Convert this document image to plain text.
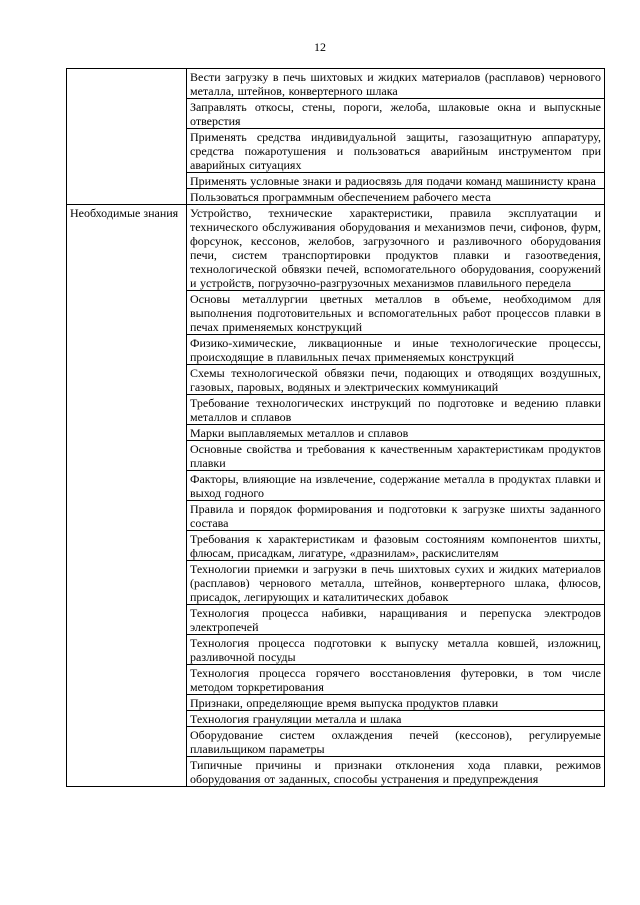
12
	Вести загрузку в печь шихтовых и жидких материалов (расплавов) чернового металла, штейнов, конвертерного шлака
	Заправлять откосы, стены, пороги, желоба, шлаковые окна и выпускные отверстия
	Применять средства индивидуальной защиты, газозащитную аппаратуру, средства пожаротушения и пользоваться аварийным инструментом при аварийных ситуациях
	Применять условные знаки и радиосвязь для подачи команд машинисту крана
	Пользоваться программным обеспечением рабочего места
Необходимые знания	Устройство, технические характеристики, правила эксплуатации и технического обслуживания оборудования и механизмов печи, сифонов, фурм, форсунок, кессонов, желобов, загрузочного и разливочного оборудования печи, систем транспортировки продуктов плавки и газоотведения, технологической обвязки печей, вспомогательного оборудования, сооружений и устройств, погрузочно-разгрузочных механизмов плавильного передела
	Основы металлургии цветных металлов в объеме, необходимом для выполнения подготовительных и вспомогательных работ процессов плавки в печах применяемых конструкций
	Физико-химические, ликвационные и иные технологические процессы, происходящие в плавильных печах применяемых конструкций
	Схемы технологической обвязки печи, подающих и отводящих воздушных, газовых, паровых, водяных и электрических коммуникаций
	Требование технологических инструкций по подготовке и ведению плавки металлов и сплавов
	Марки выплавляемых металлов и сплавов
	Основные свойства и требования к качественным характеристикам продуктов плавки
	Факторы, влияющие на извлечение, содержание металла в продуктах плавки и выход годного
	Правила и порядок формирования и подготовки к загрузке шихты заданного состава
	Требования к характеристикам и фазовым состояниям компонентов шихты, флюсам, присадкам, лигатуре, «дразнилам», раскислителям
	Технологии приемки и загрузки в печь шихтовых сухих и жидких материалов (расплавов) чернового металла, штейнов, конвертерного шлака, флюсов, присадок, легирующих и каталитических добавок
	Технология процесса набивки, наращивания и перепуска электродов электропечей
	Технология процесса подготовки к выпуску металла ковшей, изложниц, разливочной посуды
	Технология процесса горячего восстановления футеровки, в том числе методом торкретирования
	Признаки, определяющие время выпуска продуктов плавки
	Технология грануляции металла и шлака
	Оборудование систем охлаждения печей (кессонов), регулируемые плавильщиком параметры
	Типичные причины и признаки отклонения хода плавки, режимов оборудования от заданных, способы устранения и предупреждения
